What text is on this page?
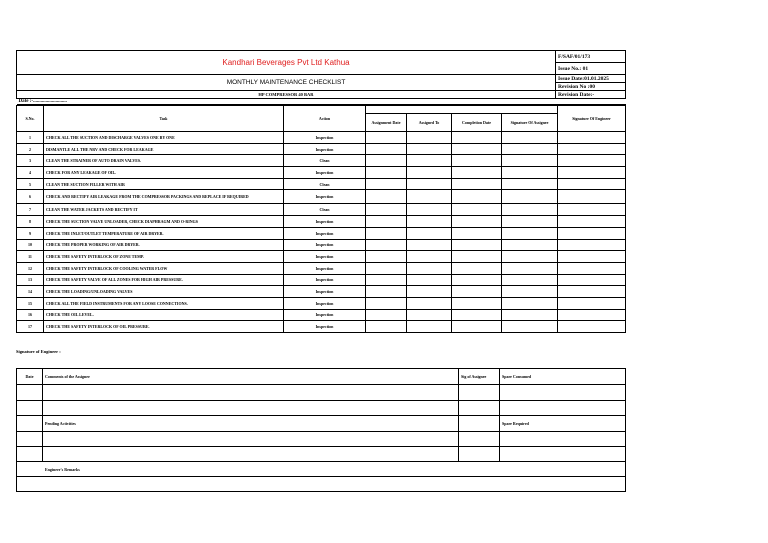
Kandhari Beverages Pvt Ltd Kathua	F/SAF/01/173
	Issue No.: 01
MONTHLY MAINTENANCE CHECKLIST	Issue Date:01.01.2025
	Revision No :00
HP COMPRESSOR 40 BAR	Revision Date:-
Date :-...........................	
S.No.	Task	Action					Signature Of Engineer
			Assignment Date	Assigned To	Completion Date	Signature Of Assignee	
1	CHECK ALL THE SUCTION AND DISCHARGE VALVES ONE BY ONE	Inspection					
2	DISMANTLE ALL THE NRV AND CHECK FOR LEAKAGE	Inspection					
3	CLEAN THE STRAINER OF AUTO DRAIN VALVES.	Clean					
4	CHECK FOR ANY LEAKAGE OF OIL.	Inspection					
5	CLEAN THE SUCTION FILLER WITH AIR	Clean					
6	CHECK AND RECTIFY AIR LEAKAGE FROM THE COMPRESSOR PACKINGS AND REPLACE IF REQUIRED	Inspection					
7	CLEAN THE WATER JACKETS AND RECTIFY IT	Clean					
8	CHECK THE SUCTION VALVE UNLOADER, CHECK DIAPHRAGM AND O-RINGS	Inspection					
9	CHECK THE INLET/OUTLET TEMPERATURE OF AIR DRYER.	Inspection					
10	CHECK THE PROPER WORKING OF AIR DRYER.	Inspection					
11	CHECK THE SAFETY INTERLOCK OF ZONE TEMP.	Inspection					
12	CHECK THE SAFETY INTERLOCK OF COOLING WATER FLOW	Inspection					
13	CHECK THE SAFETY VALVE OF ALL ZONES FOR HIGH AIR PRESSURE.	Inspection					
14	CHECK THE LOADING/UNLOADING VALVES	Inspection					
15	CHECK ALL THE FIELD INSTRUMENTS FOR ANY LOOSE CONNECTIONS.	Inspection					
16	CHECK THE OIL LEVEL.	Inspection					
17	CHECK THE SAFETY INTERLOCK OF OIL PRESSURE.	Inspection					
Signature of Engineer :
Date	Comments of the Assignee	Sig of Assignee	Spare Consumed

	Pending Activities		Spare Required

Engineer's Remarks			
